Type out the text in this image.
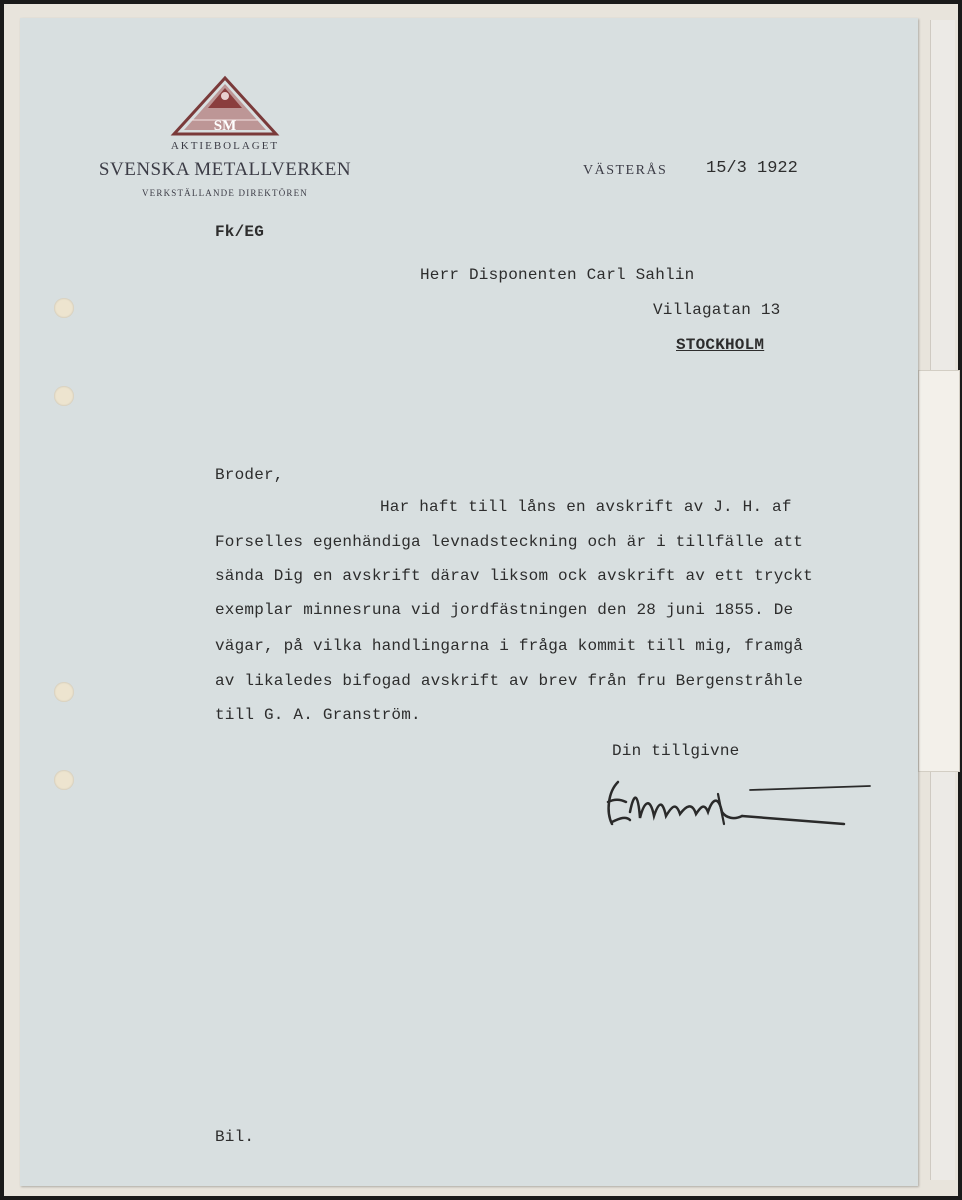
SM
AKTIEBOLAGET
SVENSKA METALLVERKEN
VERKSTÄLLANDE DIREKTÖREN
VÄSTERÅS 15/3 1922
Fk/EG
Herr Disponenten Carl Sahlin
Villagatan 13
STOCKHOLM
Broder,
Har haft till låns en avskrift av J. H. af
Forselles egenhändiga levnadsteckning och är i tillfälle att
sända Dig en avskrift därav liksom ock avskrift av ett tryckt
exemplar minnesruna vid jordfästningen den 28 juni 1855. De
vägar, på vilka handlingarna i fråga kommit till mig, framgå
av likaledes bifogad avskrift av brev från fru Bergenstråhle
till G. A. Granström.
Din tillgivne
Bil.
